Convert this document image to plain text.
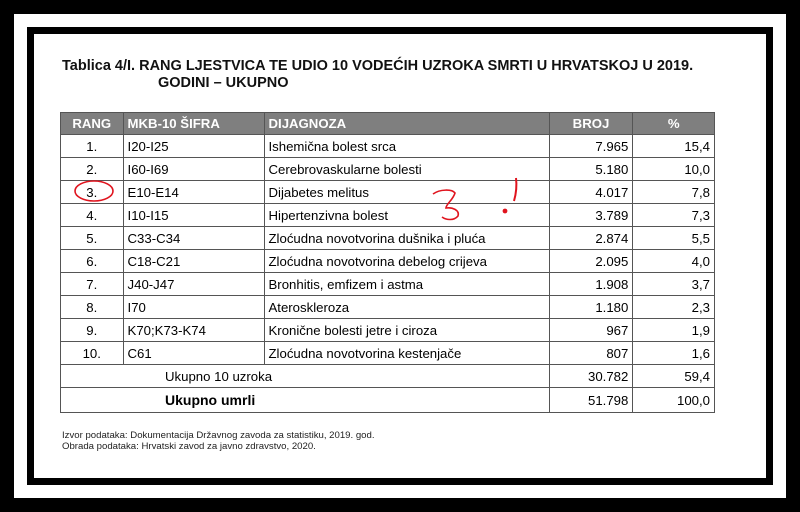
Tablica 4/I. RANG LJESTVICA TE UDIO 10 VODEĆIH UZROKA SMRTI U HRVATSKOJ U 2019.
GODINI – UKUPNO
RANG	MKB-10 ŠIFRA	DIJAGNOZA	BROJ	%
1.	I20-I25	Ishemična bolest srca	7.965	15,4
2.	I60-I69	Cerebrovaskularne bolesti	5.180	10,0
3.	E10-E14	Dijabetes melitus	4.017	7,8
4.	I10-I15	Hipertenzivna bolest	3.789	7,3
5.	C33-C34	Zloćudna novotvorina dušnika i pluća	2.874	5,5
6.	C18-C21	Zloćudna novotvorina debelog crijeva	2.095	4,0
7.	J40-J47	Bronhitis, emfizem i astma	1.908	3,7
8.	I70	Ateroskleroza	1.180	2,3
9.	K70;K73-K74	Kronične bolesti jetre i ciroza	967	1,9
10.	C61	Zloćudna novotvorina kestenjače	807	1,6
Ukupno 10 uzroka			30.782	59,4
Ukupno umrli			51.798	100,0
Izvor podataka: Dokumentacija Državnog zavoda za statistiku, 2019. god.
Obrada podataka: Hrvatski zavod za javno zdravstvo, 2020.
